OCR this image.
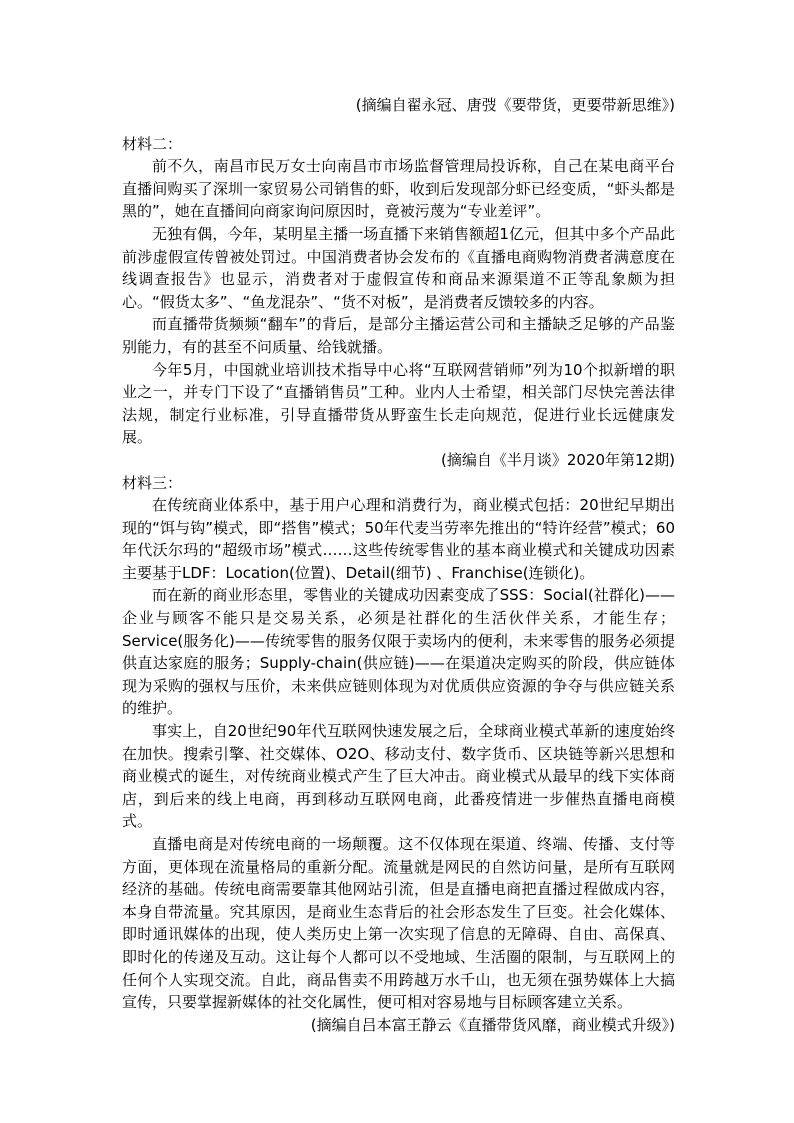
(摘编自翟永冠、唐弢《要带货，更要带新思维》)

材料二：

前不久，南昌市民万女士向南昌市市场监督管理局投诉称，自己在某电商平台直播间购买了深圳一家贸易公司销售的虾，收到后发现部分虾已经变质，“虾头都是黑的”，她在直播间向商家询问原因时，竟被污蔑为“专业差评”。

无独有偶，今年，某明星主播一场直播下来销售额超1亿元，但其中多个产品此前涉虚假宣传曾被处罚过。中国消费者协会发布的《直播电商购物消费者满意度在线调查报告》也显示，消费者对于虚假宣传和商品来源渠道不正等乱象颇为担心。“假货太多”、“鱼龙混杂”、“货不对板”，是消费者反馈较多的内容。

而直播带货频频“翻车”的背后，是部分主播运营公司和主播缺乏足够的产品鉴别能力，有的甚至不问质量、给钱就播。

今年5月，中国就业培训技术指导中心将“互联网营销师”列为10个拟新增的职业之一，并专门下设了“直播销售员”工种。业内人士希望，相关部门尽快完善法律法规，制定行业标准，引导直播带货从野蛮生长走向规范，促进行业长远健康发展。

(摘编自《半月谈》2020年第12期)

材料三：

在传统商业体系中，基于用户心理和消费行为，商业模式包括：20世纪早期出现的“饵与钩”模式，即“搭售”模式；50年代麦当劳率先推出的“特许经营”模式；60年代沃尔玛的“超级市场”模式……这些传统零售业的基本商业模式和关键成功因素主要基于LDF：Location(位置)、Detail(细节) 、Franchise(连锁化)。

而在新的商业形态里，零售业的关键成功因素变成了SSS：Social(社群化)——企业与顾客不能只是交易关系，必须是社群化的生活伙伴关系，才能生存；Service(服务化)——传统零售的服务仅限于卖场内的便利，未来零售的服务必须提供直达家庭的服务；Supply-chain(供应链)——在渠道决定购买的阶段，供应链体现为采购的强权与压价，未来供应链则体现为对优质供应资源的争夺与供应链关系的维护。

事实上，自20世纪90年代互联网快速发展之后，全球商业模式革新的速度始终在加快。搜索引擎、社交媒体、O2O、移动支付、数字货币、区块链等新兴思想和商业模式的诞生，对传统商业模式产生了巨大冲击。商业模式从最早的线下实体商店，到后来的线上电商，再到移动互联网电商，此番疫情进一步催热直播电商模式。

直播电商是对传统电商的一场颠覆。这不仅体现在渠道、终端、传播、支付等方面，更体现在流量格局的重新分配。流量就是网民的自然访问量，是所有互联网经济的基础。传统电商需要靠其他网站引流，但是直播电商把直播过程做成内容，本身自带流量。究其原因，是商业生态背后的社会形态发生了巨变。社会化媒体、即时通讯媒体的出现，使人类历史上第一次实现了信息的无障碍、自由、高保真、即时化的传递及互动。这让每个人都可以不受地域、生活圈的限制，与互联网上的任何个人实现交流。自此，商品售卖不用跨越万水千山，也无须在强势媒体上大搞宣传，只要掌握新媒体的社交化属性，便可相对容易地与目标顾客建立关系。

(摘编自吕本富王静云《直播带货风靡，商业模式升级》)
